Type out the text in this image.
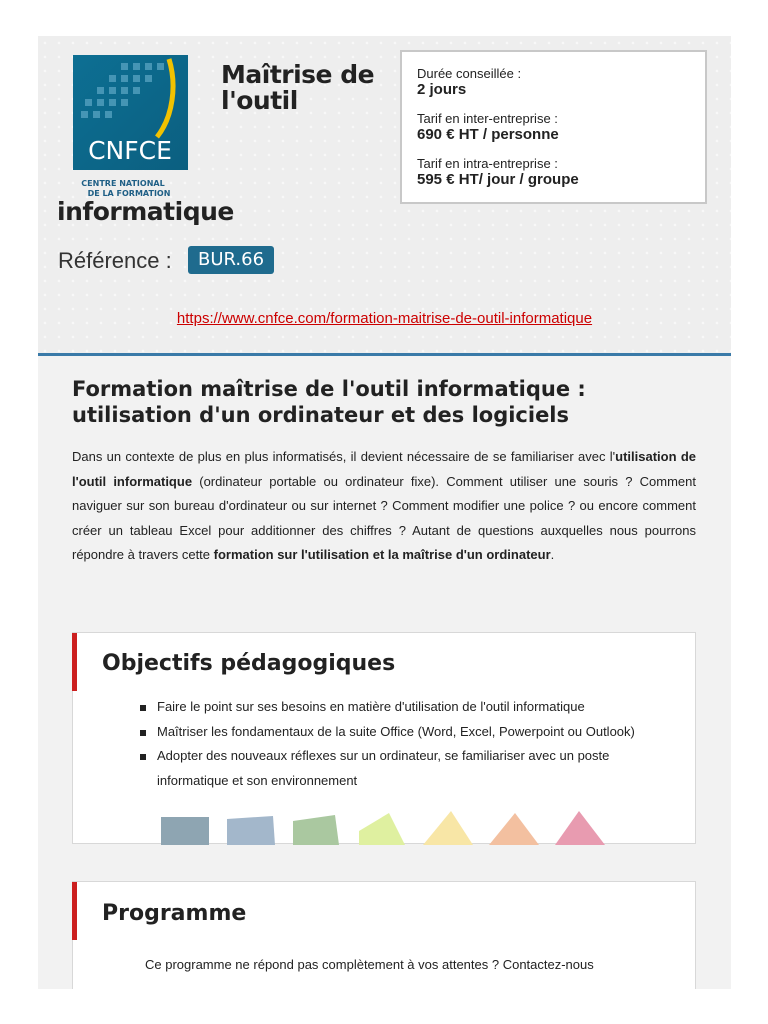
CNFCE
CENTRE NATIONAL
DE LA FORMATION
Maîtrise de
l'outil
informatique
Référence :	BUR.66
https://www.cnfce.com/formation-maitrise-de-outil-informatique
Durée conseillée :
2 jours
Tarif en inter-entreprise :
690 € HT / personne
Tarif en intra-entreprise :
595 € HT/ jour / groupe
Formation maîtrise de l'outil informatique :
utilisation d'un ordinateur et des logiciels
Dans un contexte de plus en plus informatisés, il devient nécessaire de se familiariser avec l'utilisation de l'outil informatique (ordinateur portable ou ordinateur fixe). Comment utiliser une souris ? Comment naviguer sur son bureau d'ordinateur ou sur internet ? Comment modifier une police ? ou encore comment créer un tableau Excel pour additionner des chiffres ? Autant de questions auxquelles nous pourrons répondre à travers cette formation sur l'utilisation et la maîtrise d'un ordinateur.
Objectifs pédagogiques
Faire le point sur ses besoins en matière d'utilisation de l'outil informatique
Maîtriser les fondamentaux de la suite Office (Word, Excel, Powerpoint ou Outlook)
Adopter des nouveaux réflexes sur un ordinateur, se familiariser avec un poste informatique et son environnement
Programme
Ce programme ne répond pas complètement à vos attentes ? Contactez-nous
